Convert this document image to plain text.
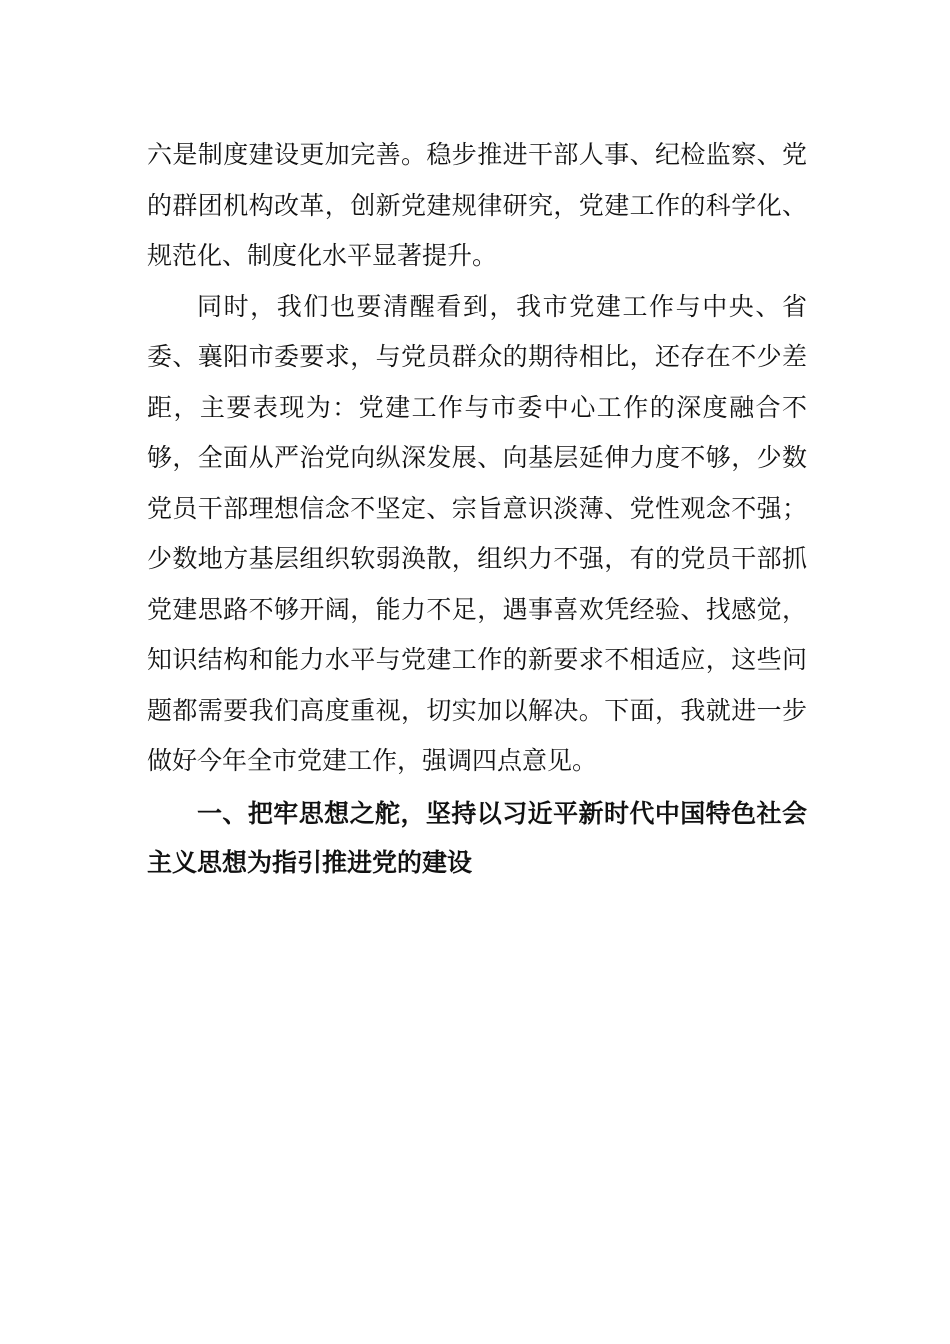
六是制度建设更加完善。稳步推进干部人事、纪检监察、党的群团机构改革，创新党建规律研究，党建工作的科学化、规范化、制度化水平显著提升。

同时，我们也要清醒看到，我市党建工作与中央、省委、襄阳市委要求，与党员群众的期待相比，还存在不少差距，主要表现为：党建工作与市委中心工作的深度融合不够，全面从严治党向纵深发展、向基层延伸力度不够，少数党员干部理想信念不坚定、宗旨意识淡薄、党性观念不强；少数地方基层组织软弱涣散，组织力不强，有的党员干部抓党建思路不够开阔，能力不足，遇事喜欢凭经验、找感觉，知识结构和能力水平与党建工作的新要求不相适应，这些问题都需要我们高度重视，切实加以解决。下面，我就进一步做好今年全市党建工作，强调四点意见。

一、把牢思想之舵，坚持以习近平新时代中国特色社会主义思想为指引推进党的建设
